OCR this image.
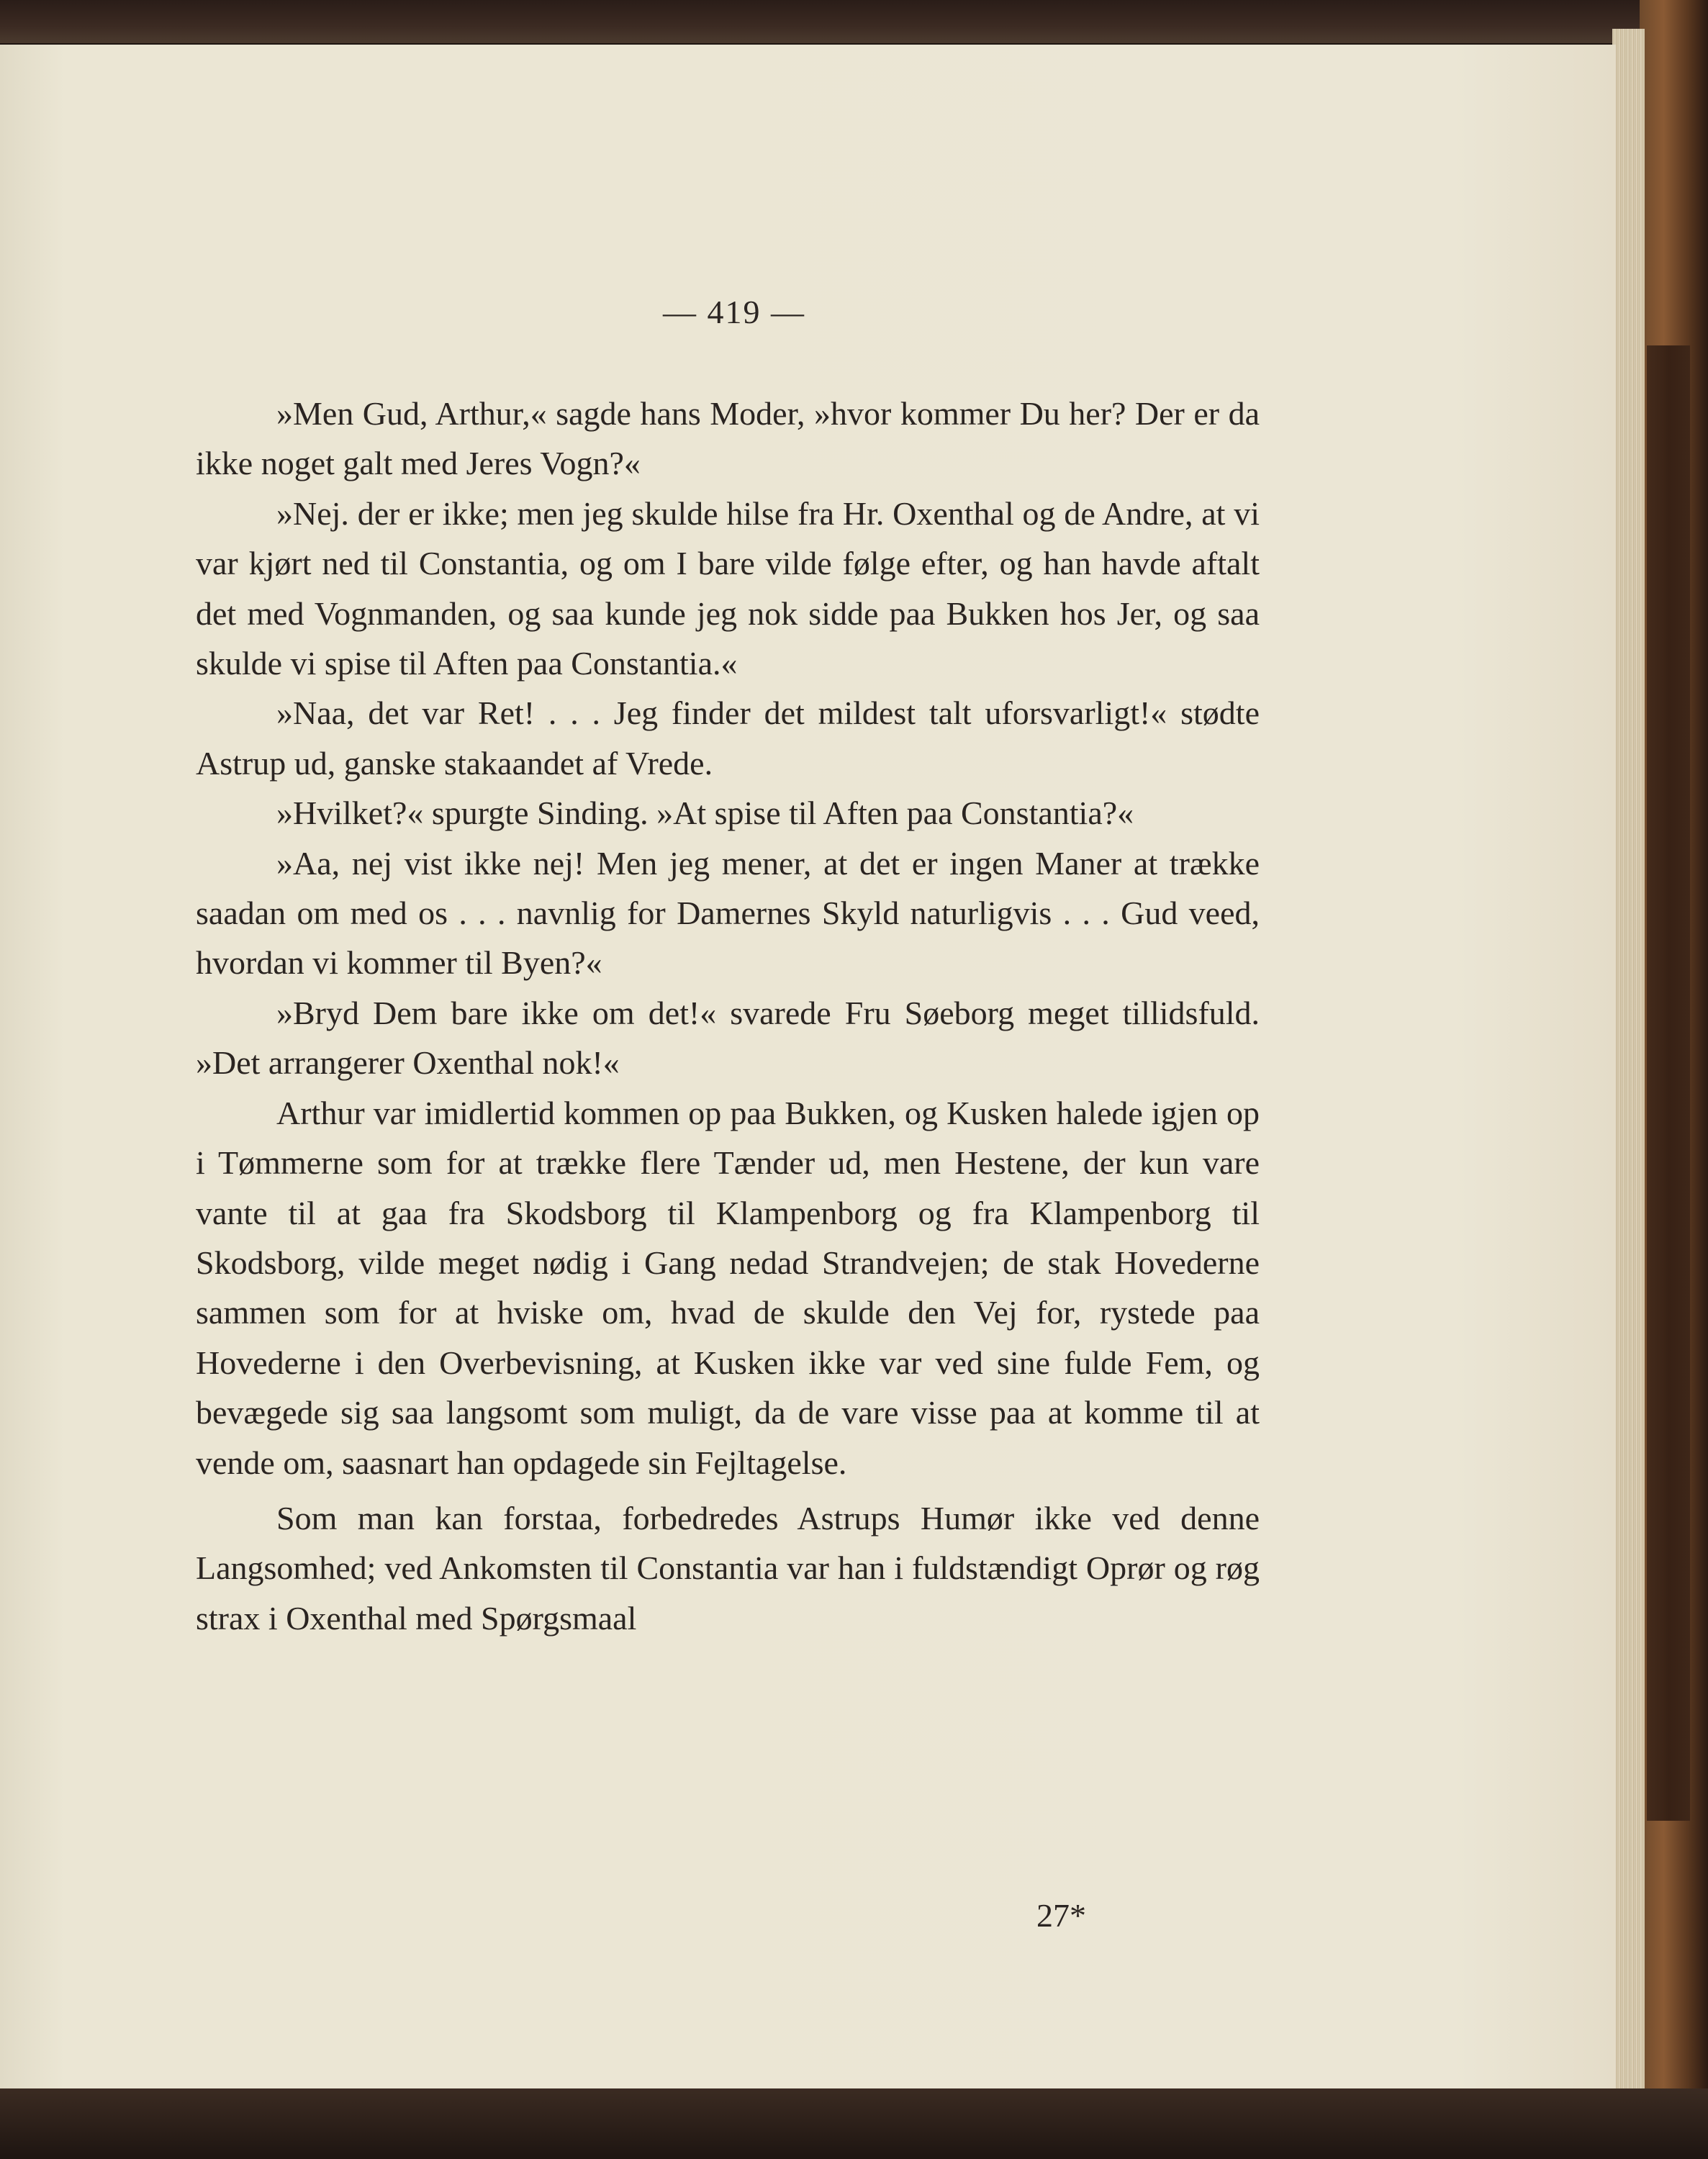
— 419 —

»Men Gud, Arthur,« sagde hans Moder, »hvor kommer Du her? Der er da ikke noget galt med Jeres Vogn?«

»Nej. der er ikke; men jeg skulde hilse fra Hr. Oxenthal og de Andre, at vi var kjørt ned til Constantia, og om I bare vilde følge efter, og han havde aftalt det med Vognmanden, og saa kunde jeg nok sidde paa Bukken hos Jer, og saa skulde vi spise til Aften paa Constantia.«

»Naa, det var Ret! . . . Jeg finder det mildest talt uforsvarligt!« stødte Astrup ud, ganske stakaandet af Vrede.

»Hvilket?« spurgte Sinding. »At spise til Aften paa Constantia?«

»Aa, nej vist ikke nej! Men jeg mener, at det er ingen Maner at trække saadan om med os . . . navnlig for Damernes Skyld naturligvis . . . Gud veed, hvordan vi kommer til Byen?«

»Bryd Dem bare ikke om det!« svarede Fru Søeborg meget tillidsfuld. »Det arrangerer Oxenthal nok!«

Arthur var imidlertid kommen op paa Bukken, og Kusken halede igjen op i Tømmerne som for at trække flere Tænder ud, men Hestene, der kun vare vante til at gaa fra Skodsborg til Klampenborg og fra Klampenborg til Skodsborg, vilde meget nødig i Gang nedad Strandvejen; de stak Hovederne sammen som for at hviske om, hvad de skulde den Vej for, rystede paa Hovederne i den Overbevisning, at Kusken ikke var ved sine fulde Fem, og bevægede sig saa langsomt som muligt, da de vare visse paa at komme til at vende om, saasnart han opdagede sin Fejltagelse.

Som man kan forstaa, forbedredes Astrups Humør ikke ved denne Langsomhed; ved Ankomsten til Constantia var han i fuldstændigt Oprør og røg strax i Oxenthal med Spørgsmaal

27*
